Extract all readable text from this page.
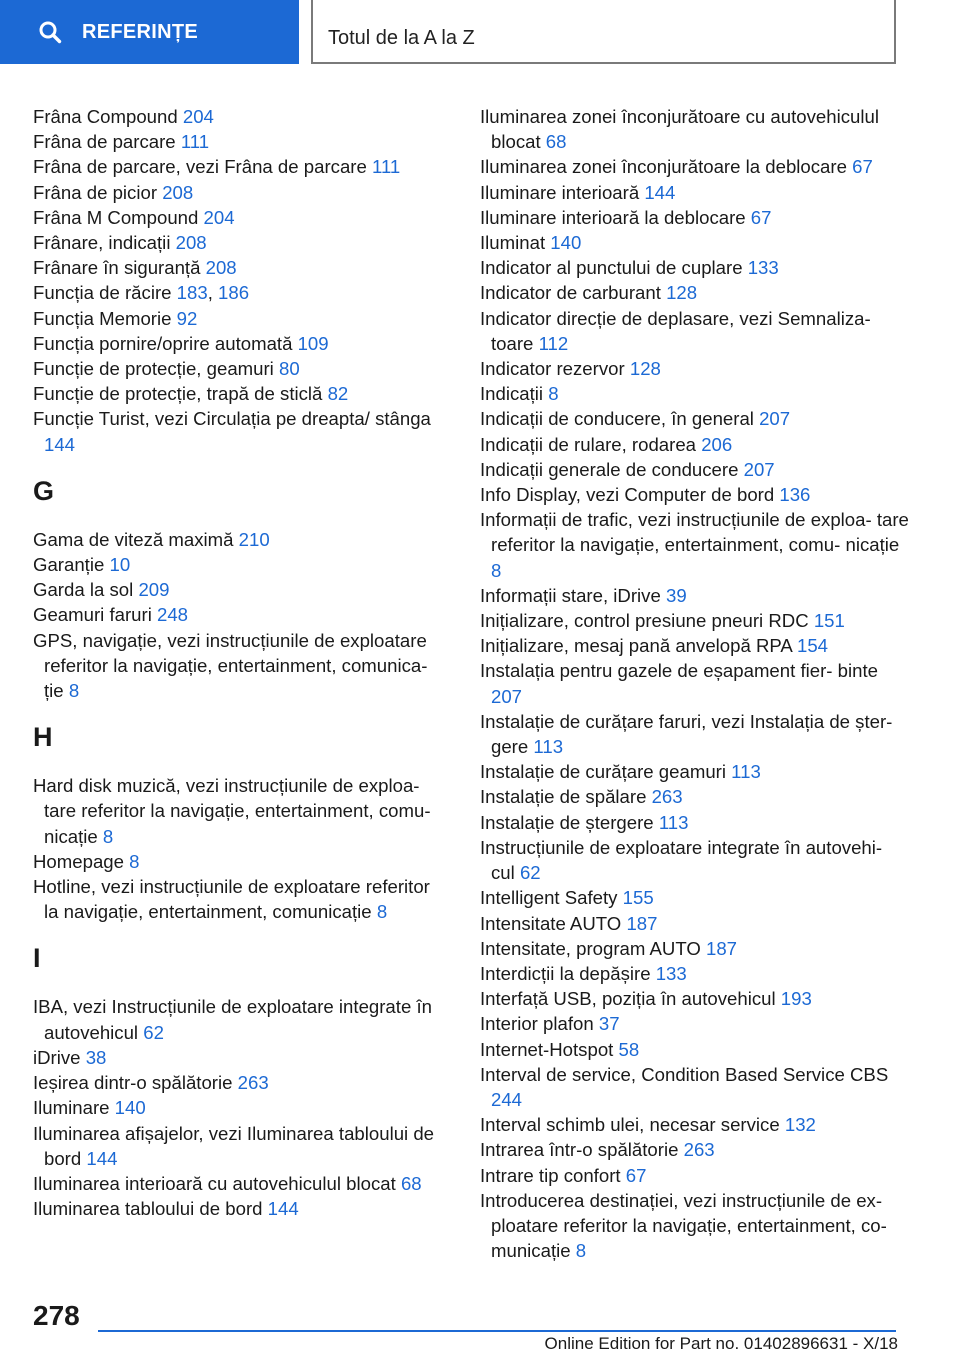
REFERINȚE	Totul de la A la Z
Frâna Compound 204
Frâna de parcare 111
Frâna de parcare, vezi Frâna de parcare 111
Frâna de picior 208
Frâna M Compound 204
Frânare, indicații 208
Frânare în siguranță 208
Funcția de răcire 183, 186
Funcția Memorie 92
Funcția pornire/oprire automată 109
Funcție de protecție, geamuri 80
Funcție de protecție, trapă de sticlă 82
Funcție Turist, vezi Circulația pe dreapta/ stânga 144
G
Gama de viteză maximă 210
Garanție 10
Garda la sol 209
Geamuri faruri 248
GPS, navigație, vezi instrucțiunile de exploatare referitor la navigație, entertainment, comunica‐ ție 8
H
Hard disk muzică, vezi instrucțiunile de exploa‐ tare referitor la navigație, entertainment, comu‐ nicație 8
Homepage 8
Hotline, vezi instrucțiunile de exploatare referitor la navigație, entertainment, comunicație 8
I
IBA, vezi Instrucțiunile de exploatare integrate în autovehicul 62
iDrive 38
Ieșirea dintr-o spălătorie 263
Iluminare 140
Iluminarea afișajelor, vezi Iluminarea tabloului de bord 144
Iluminarea interioară cu autovehiculul blocat 68
Iluminarea tabloului de bord 144
Iluminarea zonei înconjurătoare cu autovehiculul blocat 68
Iluminarea zonei înconjurătoare la deblocare 67
Iluminare interioară 144
Iluminare interioară la deblocare 67
Iluminat 140
Indicator al punctului de cuplare 133
Indicator de carburant 128
Indicator direcție de deplasare, vezi Semnaliza‐ toare 112
Indicator rezervor 128
Indicații 8
Indicații de conducere, în general 207
Indicații de rulare, rodarea 206
Indicații generale de conducere 207
Info Display, vezi Computer de bord 136
Informații de trafic, vezi instrucțiunile de exploa‐ tare referitor la navigație, entertainment, comu‐ nicație 8
Informații stare, iDrive 39
Inițializare, control presiune pneuri RDC 151
Inițializare, mesaj pană anvelopă RPA 154
Instalația pentru gazele de eșapament fier‐ binte 207
Instalație de curățare faruri, vezi Instalația de șter‐ gere 113
Instalație de curățare geamuri 113
Instalație de spălare 263
Instalație de ștergere 113
Instrucțiunile de exploatare integrate în autovehi‐ cul 62
Intelligent Safety 155
Intensitate AUTO 187
Intensitate, program AUTO 187
Interdicții la depășire 133
Interfață USB, poziția în autovehicul 193
Interior plafon 37
Internet-Hotspot 58
Interval de service, Condition Based Service CBS 244
Interval schimb ulei, necesar service 132
Intrarea într-o spălătorie 263
Intrare tip confort 67
Introducerea destinației, vezi instrucțiunile de ex‐ ploatare referitor la navigație, entertainment, co‐ municație 8
278
Online Edition for Part no. 01402896631 - X/18
